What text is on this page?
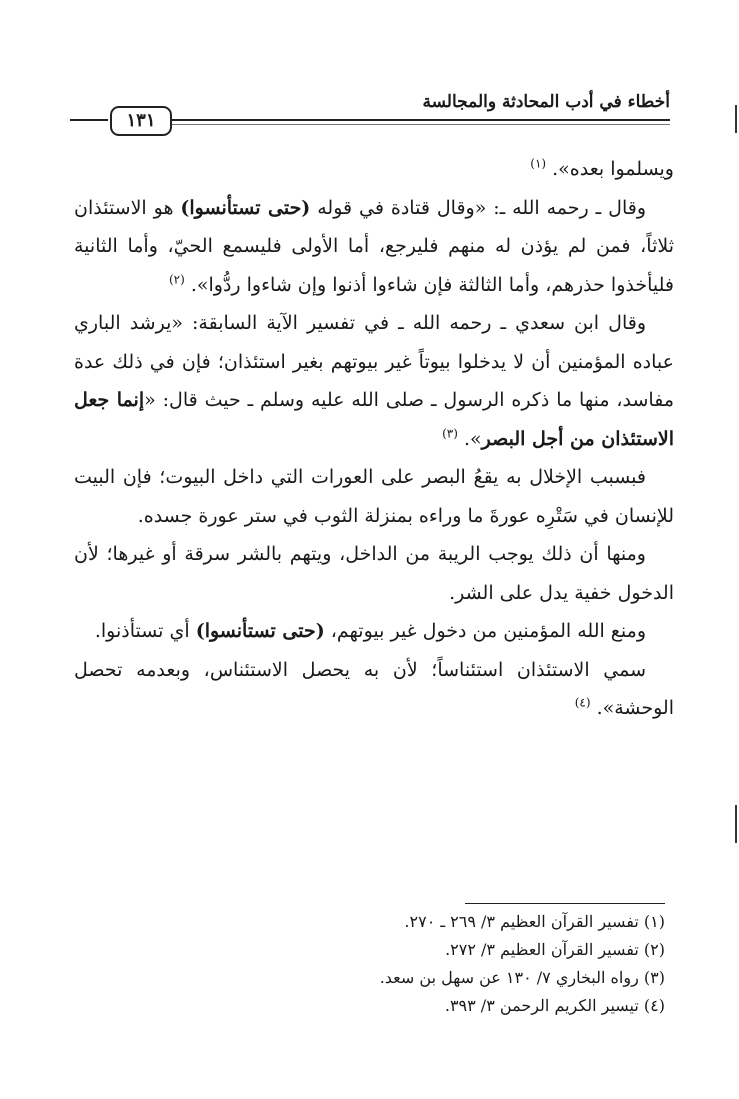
أخطاء في أدب المحادثة والمجالسة
١٣١

ويسلموا بعده». $^{(١)}$

وقال ـ رحمه الله ـ: «وقال قتادة في قوله (حتى تستأنسوا) هو الاستئذان ثلاثاً، فمن لم يؤذن له منهم فليرجع، أما الأولى فليسمع الحيّ، وأما الثانية فليأخذوا حذرهم، وأما الثالثة فإن شاءوا أذنوا وإن شاءوا ردُّوا». $^{(٢)}$

وقال ابن سعدي ـ رحمه الله ـ في تفسير الآية السابقة: «يرشد الباري عباده المؤمنين أن لا يدخلوا بيوتاً غير بيوتهم بغير استئذان؛ فإن في ذلك عدة مفاسد، منها ما ذكره الرسول ـ صلى الله عليه وسلم ـ حيث قال: «إنما جعل الاستئذان من أجل البصر». $^{(٣)}$

فبسبب الإخلال به يقعُ البصر على العورات التي داخل البيوت؛ فإن البيت للإنسان في سَتْرِه عورةَ ما وراءه بمنزلة الثوب في ستر عورة جسده.

ومنها أن ذلك يوجب الريبة من الداخل، ويتهم بالشر سرقة أو غيرها؛ لأن الدخول خفية يدل على الشر.

ومنع الله المؤمنين من دخول غير بيوتهم، (حتى تستأنسوا) أي تستأذنوا.

سمي الاستئذان استئناساً؛ لأن به يحصل الاستئناس، وبعدمه تحصل الوحشة». $^{(٤)}$

(١) تفسير القرآن العظيم ٣/ ٢٦٩ ـ ٢٧٠.
(٢) تفسير القرآن العظيم ٣/ ٢٧٢.
(٣) رواه البخاري ٧/ ١٣٠ عن سهل بن سعد.
(٤) تيسير الكريم الرحمن ٣/ ٣٩٣.
